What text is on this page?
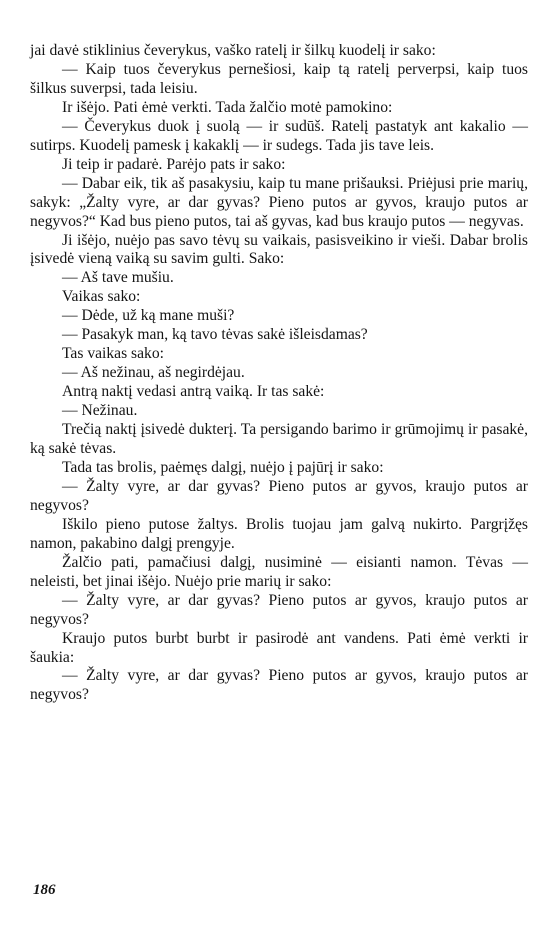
jai davė stiklinius čeverykus, vaško ratelį ir šilkų kuodelį ir sako:

— Kaip tuos čeverykus pernešiosi, kaip tą ratelį perverpsi, kaip tuos šilkus suverpsi, tada leisiu.

Ir išėjo. Pati ėmė verkti. Tada žalčio motė pamokino:

— Čeverykus duok į suolą — ir sudūš. Ratelį pastatyk ant kakalio — sutirps. Kuodelį pamesk į kakaklį — ir sudegs. Tada jis tave leis.

Ji teip ir padarė. Parėjo pats ir sako:

— Dabar eik, tik aš pasakysiu, kaip tu mane prišauksi. Priėjusi prie marių, sakyk: „Žalty vyre, ar dar gyvas? Pieno putos ar gyvos, kraujo putos ar negyvos?“ Kad bus pieno putos, tai aš gyvas, kad bus kraujo putos — negyvas.

Ji išėjo, nuėjo pas savo tėvų su vaikais, pasisveikino ir vieši. Dabar brolis įsivedė vieną vaiką su savim gulti. Sako:

— Aš tave mušiu.

Vaikas sako:

— Dėde, už ką mane muši?

— Pasakyk man, ką tavo tėvas sakė išleisdamas?

Tas vaikas sako:

— Aš nežinau, aš negirdėjau.

Antrą naktį vedasi antrą vaiką. Ir tas sakė:

— Nežinau.

Trečią naktį įsivedė dukterį. Ta persigando barimo ir grūmojimų ir pasakė, ką sakė tėvas.

Tada tas brolis, paėmęs dalgį, nuėjo į pajūrį ir sako:

— Žalty vyre, ar dar gyvas? Pieno putos ar gyvos, kraujo putos ar negyvos?

Iškilo pieno putose žaltys. Brolis tuojau jam galvą nukirto. Pargrįžęs namon, pakabino dalgį prengyje.

Žalčio pati, pamačiusi dalgį, nusiminė — eisianti namon. Tėvas — neleisti, bet jinai išėjo. Nuėjo prie marių ir sako:

— Žalty vyre, ar dar gyvas? Pieno putos ar gyvos, kraujo putos ar negyvos?

Kraujo putos burbt burbt ir pasirodė ant vandens. Pati ėmė verkti ir šaukia:

— Žalty vyre, ar dar gyvas? Pieno putos ar gyvos, kraujo putos ar negyvos?

186
